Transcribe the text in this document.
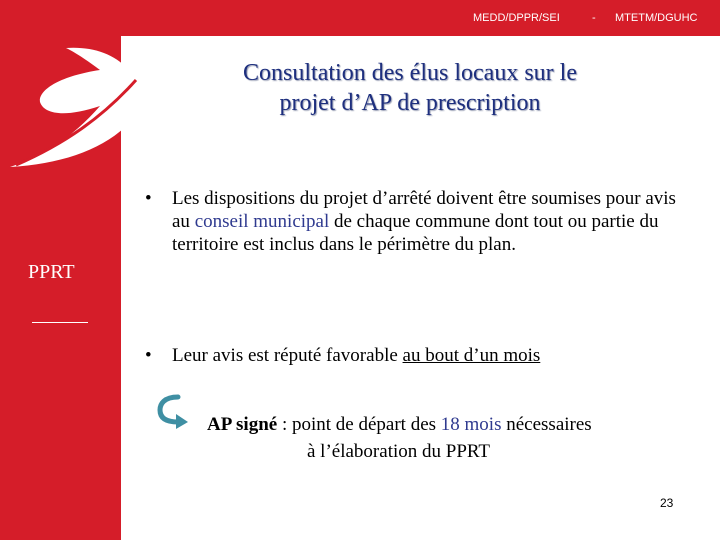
MEDD/DPPR/SEI	- MTETM/DGUHC
Consultation des élus locaux sur le
projet d’AP de prescription
PPRT
• Les dispositions du projet d’arrêté doivent être soumises pour avis au conseil municipal de chaque commune dont tout ou partie du territoire est inclus dans le périmètre du plan.
• Leur avis est réputé favorable au bout d’un mois
AP signé : point de départ des 18 mois nécessaires
à l’élaboration du PPRT
23
